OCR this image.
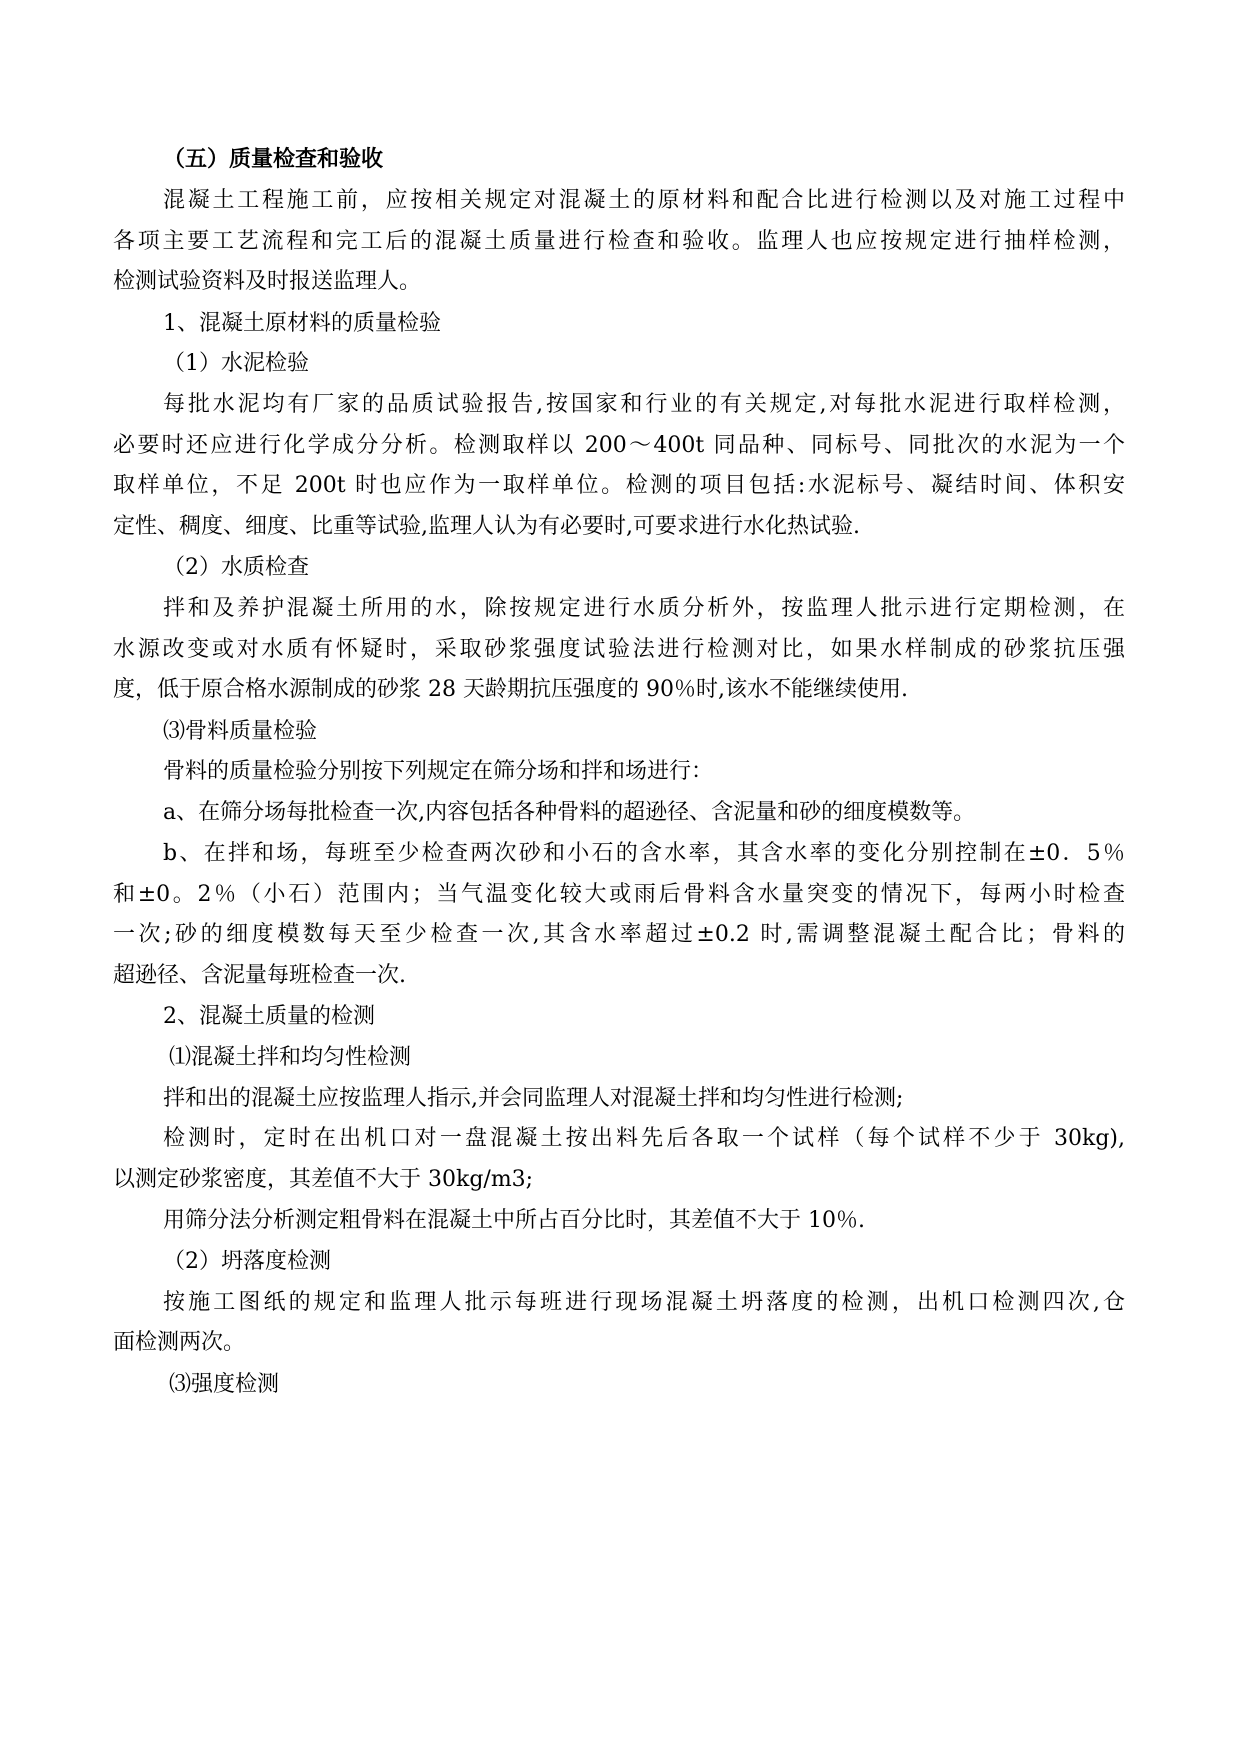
（五）质量检查和验收
混凝土工程施工前，应按相关规定对混凝土的原材料和配合比进行检测以及对施工过程中
各项主要工艺流程和完工后的混凝土质量进行检查和验收。监理人也应按规定进行抽样检测，
检测试验资料及时报送监理人。
1、混凝土原材料的质量检验
（1）水泥检验
每批水泥均有厂家的品质试验报告,按国家和行业的有关规定,对每批水泥进行取样检测，
必要时还应进行化学成分分析。检测取样以 200～400t 同品种、同标号、同批次的水泥为一个
取样单位，不足 200t 时也应作为一取样单位。检测的项目包括:水泥标号、凝结时间、体积安
定性、稠度、细度、比重等试验,监理人认为有必要时,可要求进行水化热试验.
（2）水质检查
拌和及养护混凝土所用的水，除按规定进行水质分析外，按监理人批示进行定期检测，在
水源改变或对水质有怀疑时，采取砂浆强度试验法进行检测对比，如果水样制成的砂浆抗压强
度，低于原合格水源制成的砂浆 28 天龄期抗压强度的 90％时,该水不能继续使用.
⑶骨料质量检验
骨料的质量检验分别按下列规定在筛分场和拌和场进行：
a、在筛分场每批检查一次,内容包括各种骨料的超逊径、含泥量和砂的细度模数等。
b、在拌和场，每班至少检查两次砂和小石的含水率，其含水率的变化分别控制在±0．5％
和±0。2％（小石）范围内；当气温变化较大或雨后骨料含水量突变的情况下，每两小时检查
一次;砂的细度模数每天至少检查一次,其含水率超过±0.2 时,需调整混凝土配合比；骨料的
超逊径、含泥量每班检查一次.
2、混凝土质量的检测
⑴混凝土拌和均匀性检测
拌和出的混凝土应按监理人指示,并会同监理人对混凝土拌和均匀性进行检测;
检测时，定时在出机口对一盘混凝土按出料先后各取一个试样（每个试样不少于 30kg),
以测定砂浆密度，其差值不大于 30kg/m3;
用筛分法分析测定粗骨料在混凝土中所占百分比时，其差值不大于 10％.
（2）坍落度检测
按施工图纸的规定和监理人批示每班进行现场混凝土坍落度的检测，出机口检测四次,仓
面检测两次。
⑶强度检测
